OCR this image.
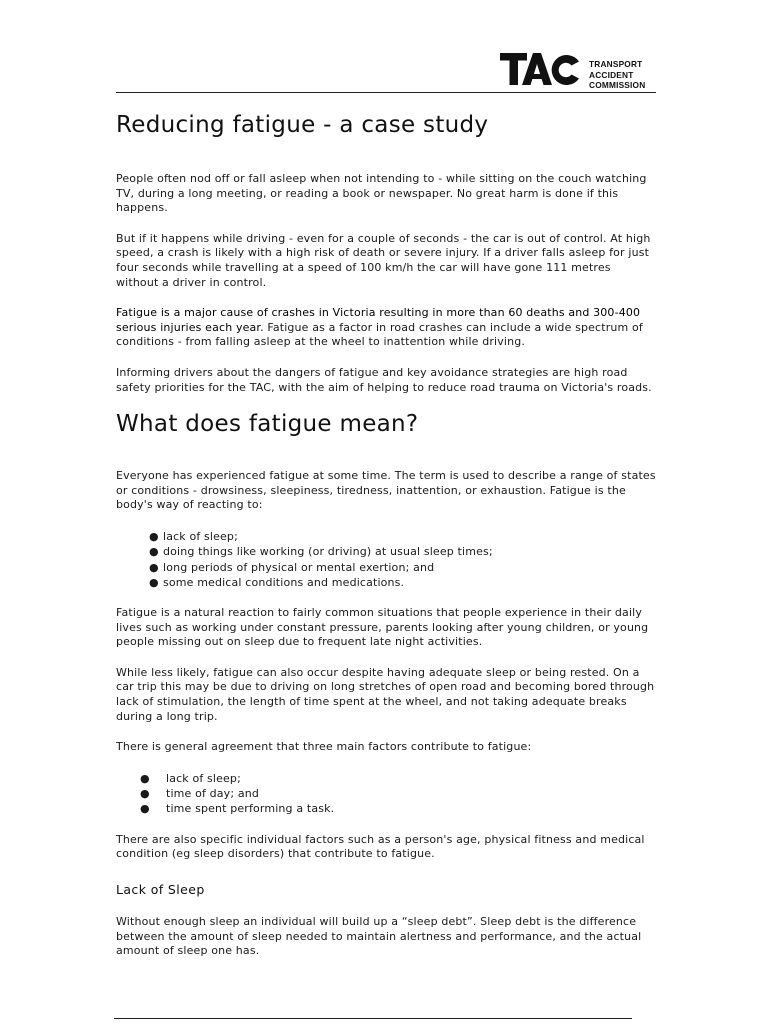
TRANSPORT
ACCIDENT
COMMISSION
Reducing fatigue - a case study

People often nod off or fall asleep when not intending to - while sitting on the couch watching TV, during a long meeting, or reading a book or newspaper. No great harm is done if this happens.

But if it happens while driving - even for a couple of seconds - the car is out of control. At high speed, a crash is likely with a high risk of death or severe injury. If a driver falls asleep for just four seconds while travelling at a speed of 100 km/h the car will have gone 111 metres without a driver in control.

Fatigue is a major cause of crashes in Victoria resulting in more than 60 deaths and 300-400 serious injuries each year. Fatigue as a factor in road crashes can include a wide spectrum of conditions - from falling asleep at the wheel to inattention while driving.

Informing drivers about the dangers of fatigue and key avoidance strategies are high road safety priorities for the TAC, with the aim of helping to reduce road trauma on Victoria's roads.

What does fatigue mean?

Everyone has experienced fatigue at some time. The term is used to describe a range of states or conditions - drowsiness, sleepiness, tiredness, inattention, or exhaustion. Fatigue is the body's way of reacting to:

● lack of sleep;
● doing things like working (or driving) at usual sleep times;
● long periods of physical or mental exertion; and
● some medical conditions and medications.

Fatigue is a natural reaction to fairly common situations that people experience in their daily lives such as working under constant pressure, parents looking after young children, or young people missing out on sleep due to frequent late night activities.

While less likely, fatigue can also occur despite having adequate sleep or being rested. On a car trip this may be due to driving on long stretches of open road and becoming bored through lack of stimulation, the length of time spent at the wheel, and not taking adequate breaks during a long trip.

There is general agreement that three main factors contribute to fatigue:

● lack of sleep;
● time of day; and
● time spent performing a task.

There are also specific individual factors such as a person's age, physical fitness and medical condition (eg sleep disorders) that contribute to fatigue.

Lack of Sleep

Without enough sleep an individual will build up a “sleep debt”. Sleep debt is the difference between the amount of sleep needed to maintain alertness and performance, and the actual amount of sleep one has.
